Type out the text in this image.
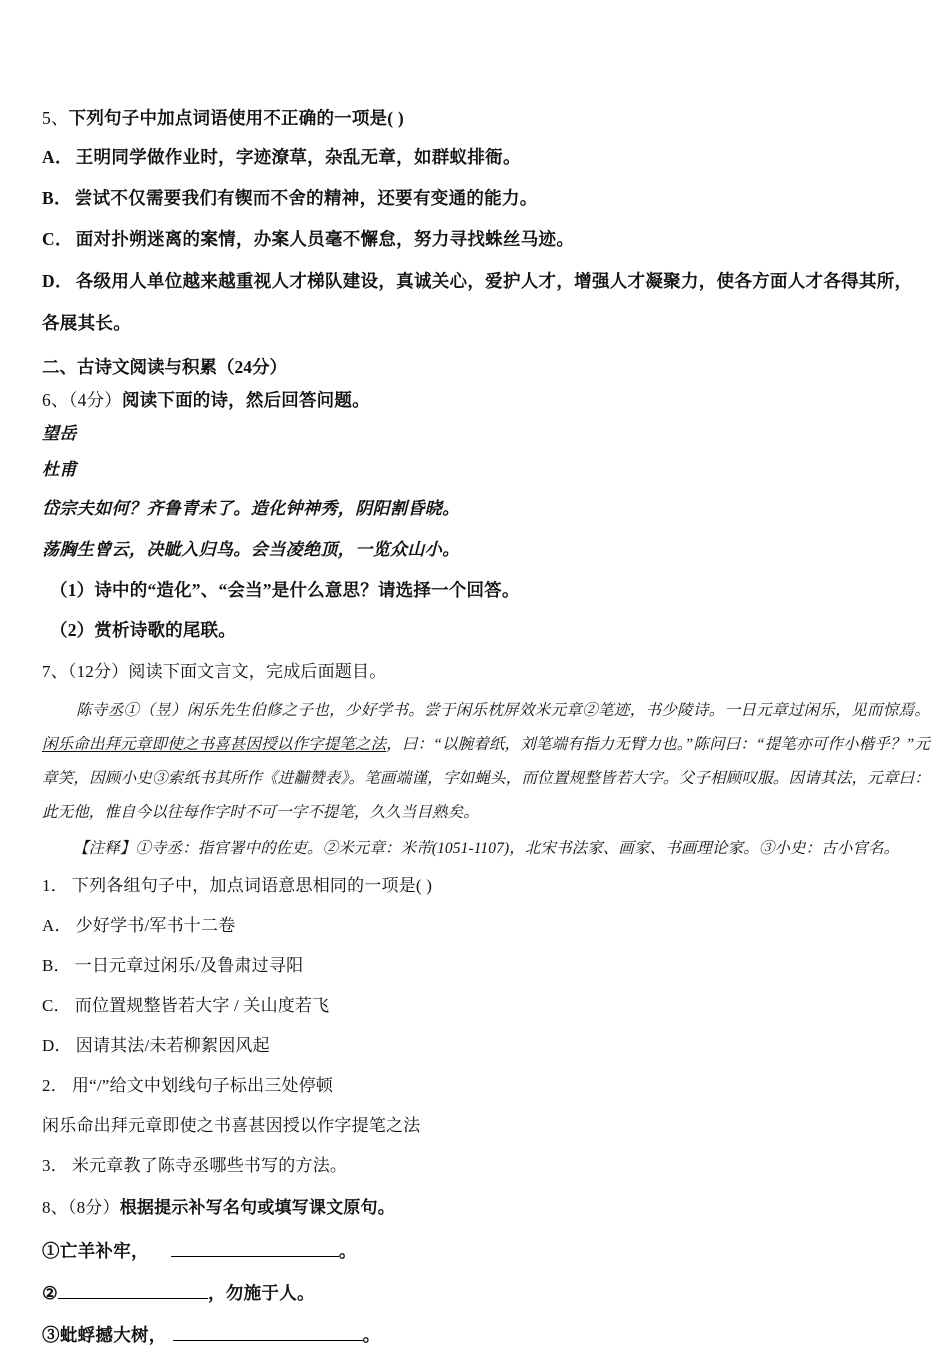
5、下列句子中加点词语使用不正确的一项是( )
A． 王明同学做作业时，字迹潦草，杂乱无章，如群蚁排衙。
B． 尝试不仅需要我们有锲而不舍的精神，还要有变通的能力。
C． 面对扑朔迷离的案情，办案人员毫不懈怠，努力寻找蛛丝马迹。
D． 各级用人单位越来越重视人才梯队建设，真诚关心，爱护人才，增强人才凝聚力，使各方面人才各得其所，各展其长。
二、古诗文阅读与积累（24分）
6、（4分）阅读下面的诗，然后回答问题。
望岳
杜甫
岱宗夫如何？齐鲁青未了。造化钟神秀，阴阳割昏晓。
荡胸生曾云，决眦入归鸟。会当凌绝顶，一览众山小。
（1）诗中的“造化”、“会当”是什么意思？请选择一个回答。
（2）赏析诗歌的尾联。
7、（12分）阅读下面文言文，完成后面题目。
陈寺丞①（昱）闲乐先生伯修之子也，少好学书。尝于闲乐枕屏效米元章②笔迹，书少陵诗。一日元章过闲乐，见而惊焉。闲乐命出拜元章即使之书喜甚因授以作字提笔之法，曰：“以腕着纸，刘笔端有指力无臂力也。”陈问曰：“提笔亦可作小楷乎？”元章笑，因顾小史③索纸书其所作《进黼赞表》。笔画端谨，字如蝇头，而位置规整皆若大字。父子相顾叹服。因请其法，元章曰：此无他，惟自今以往每作字时不可一字不提笔，久久当目熟矣。
【注释】①寺丞：指官署中的佐吏。②米元章：米芾(1051-1107)，北宋书法家、画家、书画理论家。③小史：古小官名。
1． 下列各组句子中，加点词语意思相同的一项是( )
A． 少好学书/军书十二卷
B． 一日元章过闲乐/及鲁肃过寻阳
C． 而位置规整皆若大字 / 关山度若飞
D． 因请其法/未若柳絮因风起
2． 用“/”给文中划线句子标出三处停顿
闲乐命出拜元章即使之书喜甚因授以作字提笔之法
3． 米元章教了陈寺丞哪些书写的方法。
8、（8分）根据提示补写名句或填写课文原句。
①亡羊补牢，	。
②	，勿施于人。
③蚍蜉撼大树，	。
